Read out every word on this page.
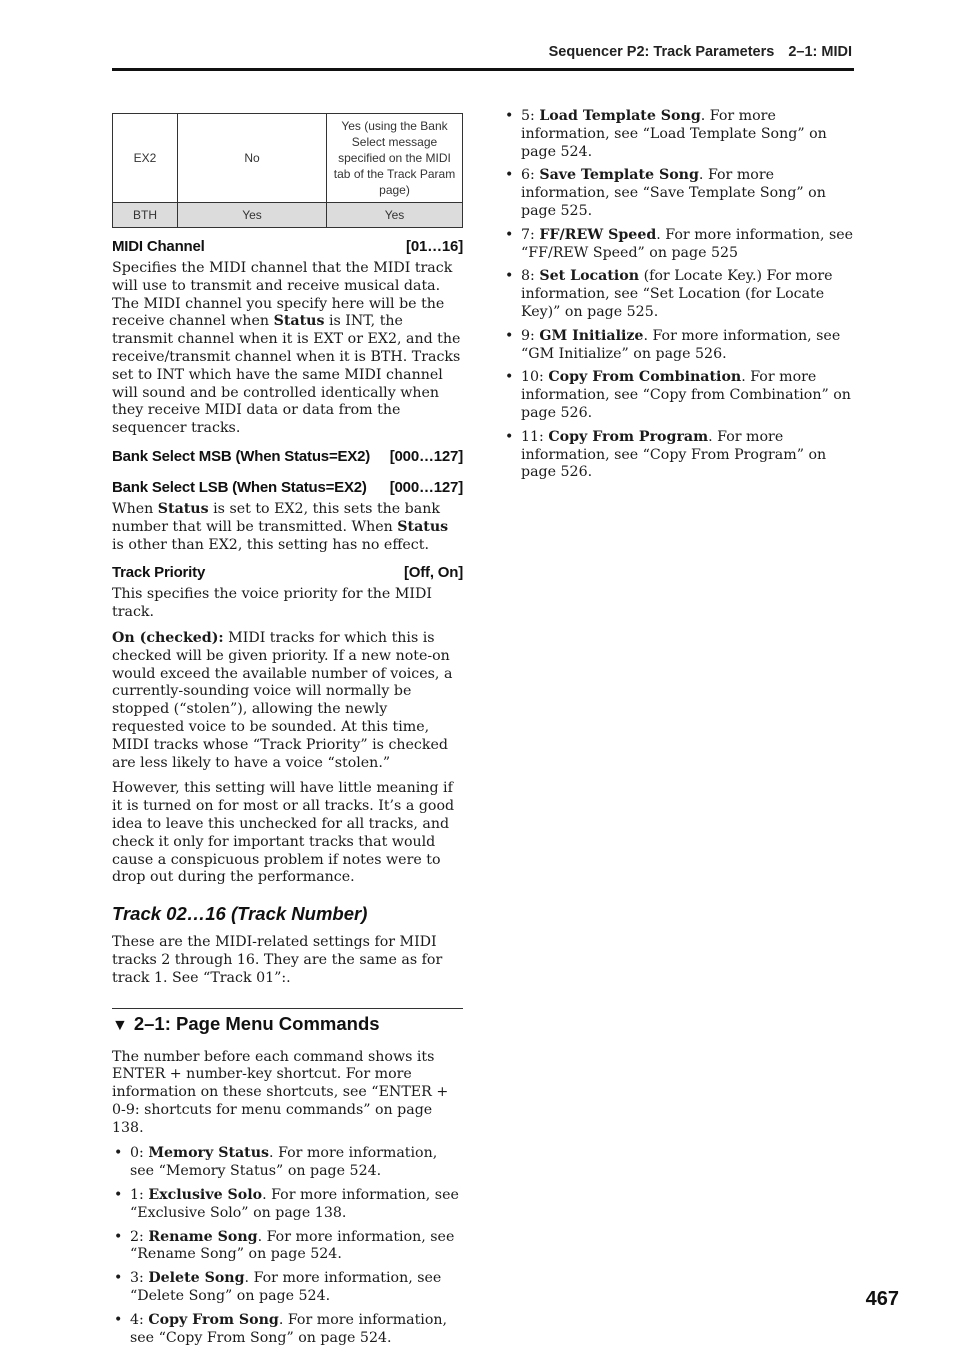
Sequencer P2: Track Parameters 2–1: MIDI
EX2	No	Yes (using the Bank Select message specified on the MIDI tab of the Track Param page)
BTH	Yes	Yes
MIDI Channel	[01…16]

Specifies the MIDI channel that the MIDI track will use to transmit and receive musical data. The MIDI channel you specify here will be the receive channel when Status is INT, the transmit channel when it is EXT or EX2, and the receive/transmit channel when it is BTH. Tracks set to INT which have the same MIDI channel will sound and be controlled identically when they receive MIDI data or data from the sequencer tracks.

Bank Select MSB (When Status=EX2) [000…127]
Bank Select LSB (When Status=EX2) [000…127]

When Status is set to EX2, this sets the bank number that will be transmitted. When Status is other than EX2, this setting has no effect.

Track Priority	[Off, On]

This specifies the voice priority for the MIDI track.

On (checked): MIDI tracks for which this is checked will be given priority. If a new note-on would exceed the available number of voices, a currently-sounding voice will normally be stopped (“stolen”), allowing the newly requested voice to be sounded. At this time, MIDI tracks whose “Track Priority” is checked are less likely to have a voice “stolen.”

However, this setting will have little meaning if it is turned on for most or all tracks. It’s a good idea to leave this unchecked for all tracks, and check it only for important tracks that would cause a conspicuous problem if notes were to drop out during the performance.

Track 02…16 (Track Number)

These are the MIDI-related settings for MIDI tracks 2 through 16. They are the same as for track 1. See “Track 01”:.

▼ 2–1: Page Menu Commands

The number before each command shows its ENTER + number-key shortcut. For more information on these shortcuts, see “ENTER + 0-9: shortcuts for menu commands” on page 138.

• 0: Memory Status. For more information, see “Memory Status” on page 524.
• 1: Exclusive Solo. For more information, see “Exclusive Solo” on page 138.
• 2: Rename Song. For more information, see “Rename Song” on page 524.
• 3: Delete Song. For more information, see “Delete Song” on page 524.
• 4: Copy From Song. For more information, see “Copy From Song” on page 524.
• 5: Load Template Song. For more information, see “Load Template Song” on page 524.
• 6: Save Template Song. For more information, see “Save Template Song” on page 525.
• 7: FF/REW Speed. For more information, see “FF/REW Speed” on page 525
• 8: Set Location (for Locate Key.) For more information, see “Set Location (for Locate Key)” on page 525.
• 9: GM Initialize. For more information, see “GM Initialize” on page 526.
• 10: Copy From Combination. For more information, see “Copy from Combination” on page 526.
• 11: Copy From Program. For more information, see “Copy From Program” on page 526.
467
